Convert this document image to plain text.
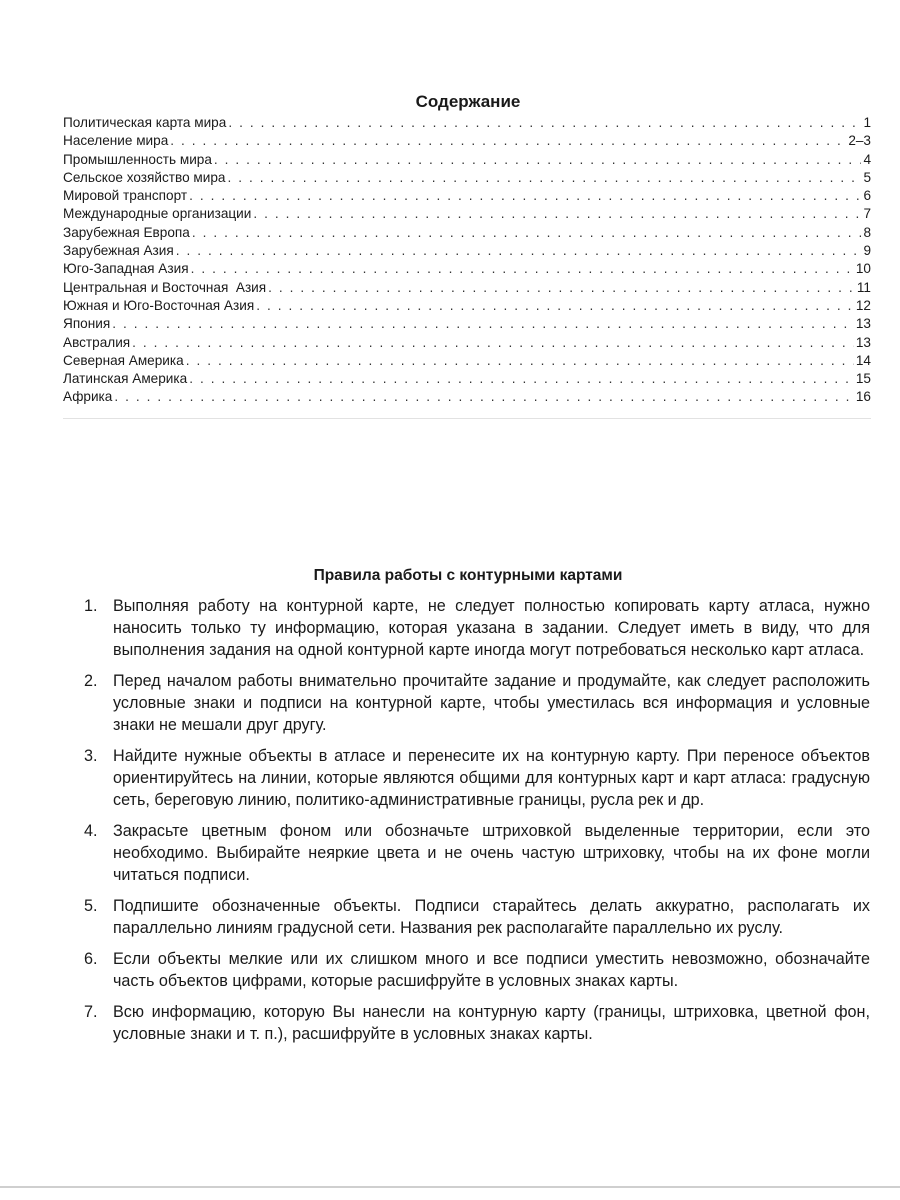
Содержание
Политическая карта мира . . .	1
Население мира . . .	2–3
Промышленность мира . . .	4
Сельское хозяйство мира . . .	5
Мировой транспорт . . .	6
Международные организации . . .	7
Зарубежная Европа . . .	8
Зарубежная Азия . . .	9
Юго-Западная Азия . . .	10
Центральная и Восточная  Азия . . .	11
Южная и Юго-Восточная Азия . . .	12
Япония . . .	13
Австралия . . .	13
Северная Америка . . .	14
Латинская Америка . . .	15
Африка . . .	16
Правила работы с контурными картами
1. Выполняя работу на контурной карте, не следует полностью копировать карту атласа, нужно наносить только ту информацию, которая указана в задании. Следует иметь в виду, что для выполнения задания на одной контурной карте иногда могут потребоваться несколько карт атласа.
2. Перед началом работы внимательно прочитайте задание и продумайте, как следует расположить условные знаки и подписи на контурной карте, чтобы уместилась вся информация и условные знаки не мешали друг другу.
3. Найдите нужные объекты в атласе и перенесите их на контурную карту. При переносе объектов ориентируйтесь на линии, которые являются общими для контурных карт и карт атласа: градусную сеть, береговую линию, политико-административные границы, русла рек и др.
4. Закрасьте цветным фоном или обозначьте штриховкой выделенные территории, если это необходимо. Выбирайте неяркие цвета и не очень частую штриховку, чтобы на их фоне могли читаться подписи.
5. Подпишите обозначенные объекты. Подписи старайтесь делать аккуратно, располагать их параллельно линиям градусной сети. Названия рек располагайте параллельно их руслу.
6. Если объекты мелкие или их слишком много и все подписи уместить невозможно, обозначайте часть объектов цифрами, которые расшифруйте в условных знаках карты.
7. Всю информацию, которую Вы нанесли на контурную карту (границы, штриховка, цветной фон, условные знаки и т. п.), расшифруйте в условных знаках карты.
